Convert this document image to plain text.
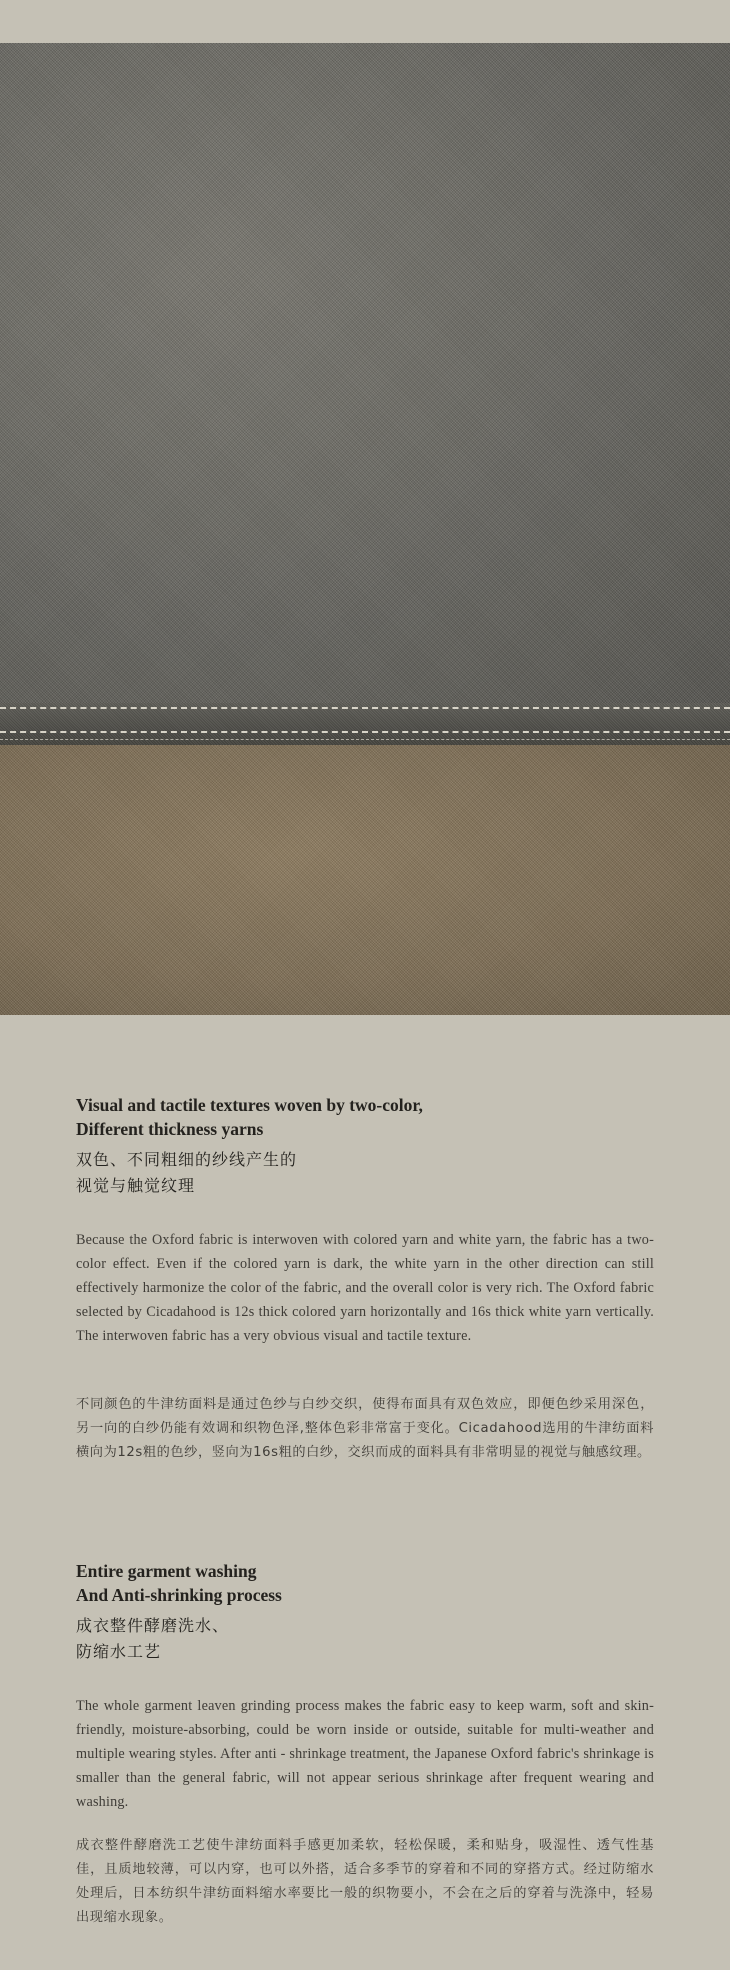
Visual and tactile textures woven by two-color,
Different thickness yarns

双色、不同粗细的纱线产生的
视觉与触觉纹理

Because the Oxford fabric is interwoven with colored yarn and white yarn, the fabric has a two-color effect. Even if the colored yarn is dark, the white yarn in the other direction can still effectively harmonize the color of the fabric, and the overall color is very rich. The Oxford fabric selected by Cicadahood is 12s thick colored yarn horizontally and 16s thick white yarn vertically. The interwoven fabric has a very obvious visual and tactile texture.

不同颜色的牛津纺面料是通过色纱与白纱交织，使得布面具有双色效应，即便色纱采用深色，另一向的白纱仍能有效调和织物色泽,整体色彩非常富于变化。Cicadahood选用的牛津纺面料横向为12s粗的色纱，竖向为16s粗的白纱，交织而成的面料具有非常明显的视觉与触感纹理。

Entire garment washing
And Anti-shrinking process

成衣整件酵磨洗水、
防缩水工艺

The whole garment leaven grinding process makes the fabric easy to keep warm, soft and skin-friendly, moisture-absorbing, could be worn inside or outside, suitable for multi-weather and multiple wearing styles. After anti - shrinkage treatment, the Japanese Oxford fabric's shrinkage is smaller than the general fabric, will not appear serious shrinkage after frequent wearing and washing.

成衣整件酵磨洗工艺使牛津纺面料手感更加柔软，轻松保暖，柔和贴身，吸湿性、透气性基佳，且质地较薄，可以内穿，也可以外搭，适合多季节的穿着和不同的穿搭方式。经过防缩水处理后，日本纺织牛津纺面料缩水率要比一般的织物要小，不会在之后的穿着与洗涤中，轻易出现缩水现象。
